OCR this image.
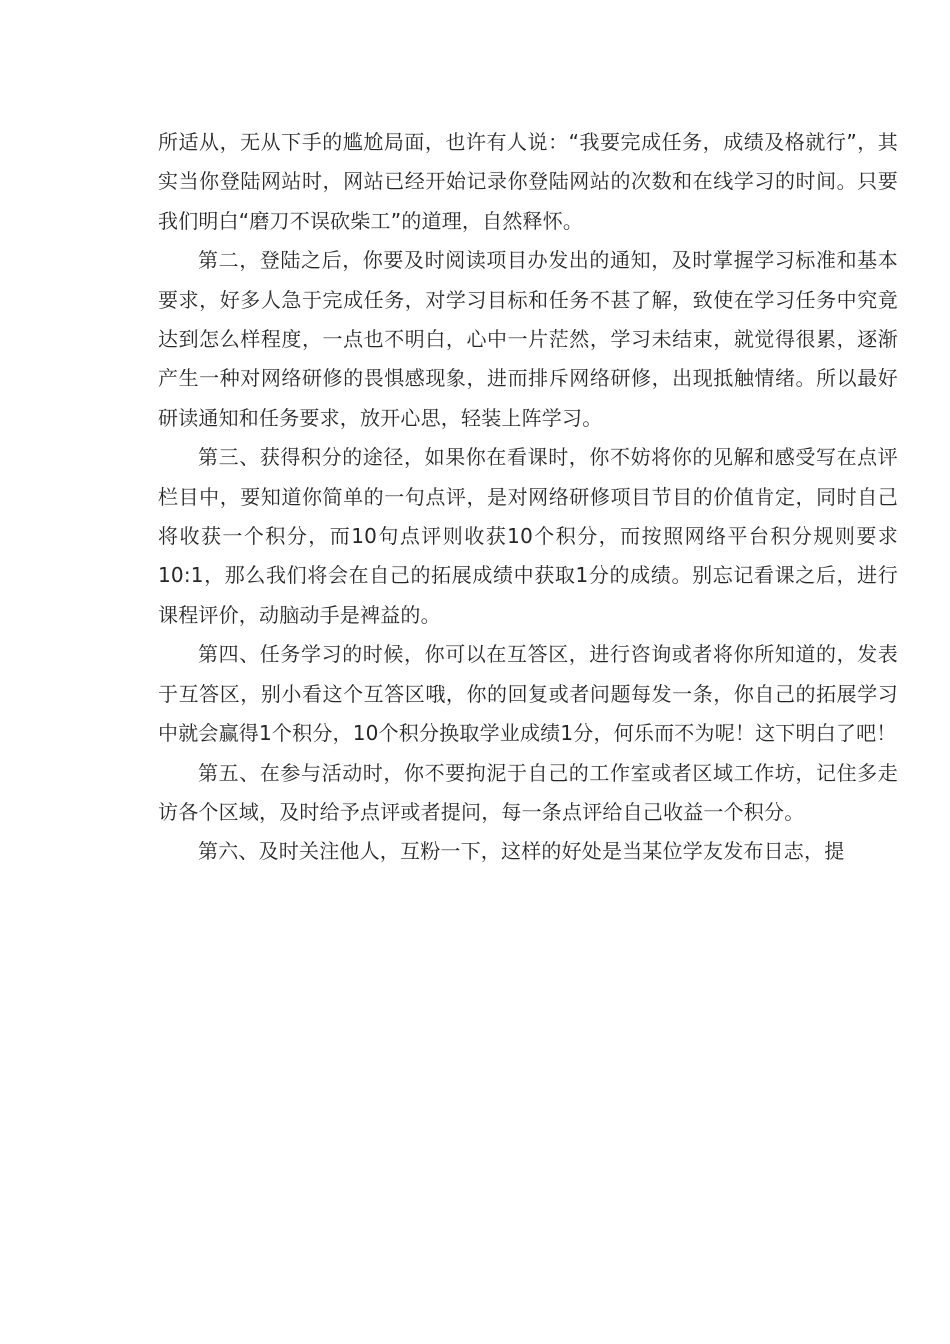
所适从，无从下手的尴尬局面，也许有人说：“我要完成任务，成绩及格就行”，其实当你登陆网站时，网站已经开始记录你登陆网站的次数和在线学习的时间。只要我们明白“磨刀不误砍柴工”的道理，自然释怀。

第二，登陆之后，你要及时阅读项目办发出的通知，及时掌握学习标准和基本要求，好多人急于完成任务，对学习目标和任务不甚了解，致使在学习任务中究竟达到怎么样程度，一点也不明白，心中一片茫然，学习未结束，就觉得很累，逐渐产生一种对网络研修的畏惧感现象，进而排斥网络研修，出现抵触情绪。所以最好研读通知和任务要求，放开心思，轻装上阵学习。

第三、获得积分的途径，如果你在看课时，你不妨将你的见解和感受写在点评栏目中，要知道你简单的一句点评，是对网络研修项目节目的价值肯定，同时自己将收获一个积分，而10句点评则收获10个积分，而按照网络平台积分规则要求10:1，那么我们将会在自己的拓展成绩中获取1分的成绩。别忘记看课之后，进行课程评价，动脑动手是裨益的。

第四、任务学习的时候，你可以在互答区，进行咨询或者将你所知道的，发表于互答区，别小看这个互答区哦，你的回复或者问题每发一条，你自己的拓展学习中就会赢得1个积分，10个积分换取学业成绩1分，何乐而不为呢！这下明白了吧！

第五、在参与活动时，你不要拘泥于自己的工作室或者区域工作坊，记住多走访各个区域，及时给予点评或者提问，每一条点评给自己收益一个积分。

第六、及时关注他人，互粉一下，这样的好处是当某位学友发布日志，提
